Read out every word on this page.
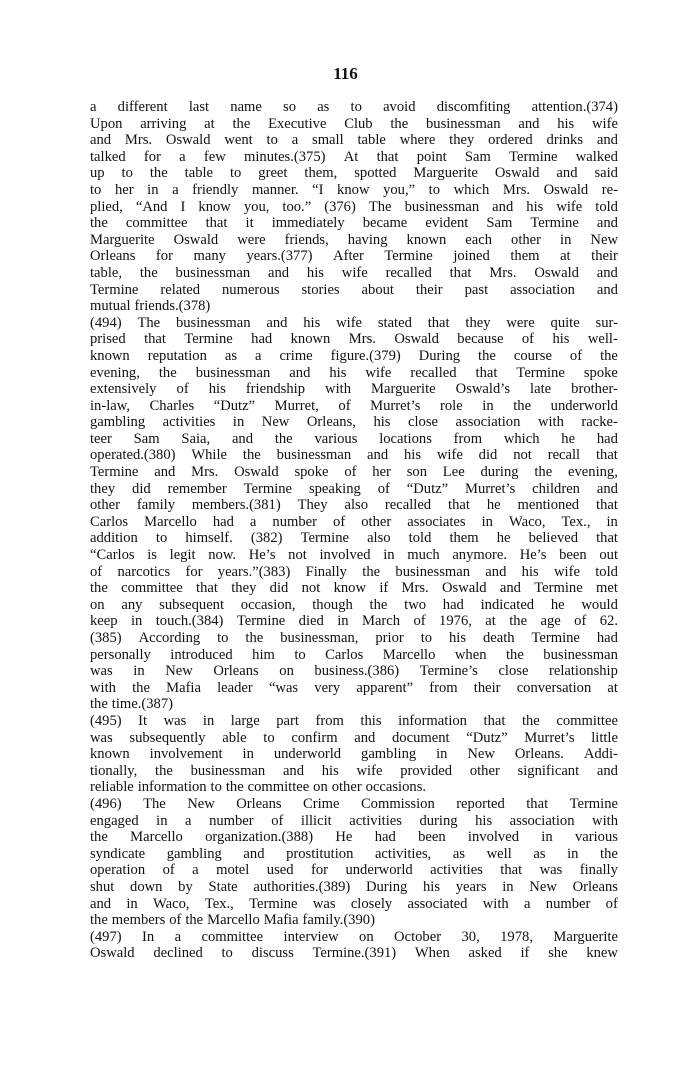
116
a different last name so as to avoid discomfiting attention.(374)
Upon arriving at the Executive Club the businessman and his wife
and Mrs. Oswald went to a small table where they ordered drinks and
talked for a few minutes.(375) At that point Sam Termine walked
up to the table to greet them, spotted Marguerite Oswald and said
to her in a friendly manner. “I know you,” to which Mrs. Oswald re-
plied, “And I know you, too.” (376) The businessman and his wife told
the committee that it immediately became evident Sam Termine and
Marguerite Oswald were friends, having known each other in New
Orleans for many years.(377) After Termine joined them at their
table, the businessman and his wife recalled that Mrs. Oswald and
Termine related numerous stories about their past association and
mutual friends.(378)
(494) The businessman and his wife stated that they were quite sur-
prised that Termine had known Mrs. Oswald because of his well-
known reputation as a crime figure.(379) During the course of the
evening, the businessman and his wife recalled that Termine spoke
extensively of his friendship with Marguerite Oswald’s late brother-
in-law, Charles “Dutz” Murret, of Murret’s role in the underworld
gambling activities in New Orleans, his close association with racke-
teer Sam Saia, and the various locations from which he had
operated.(380) While the businessman and his wife did not recall that
Termine and Mrs. Oswald spoke of her son Lee during the evening,
they did remember Termine speaking of “Dutz” Murret’s children and
other family members.(381) They also recalled that he mentioned that
Carlos Marcello had a number of other associates in Waco, Tex., in
addition to himself. (382) Termine also told them he believed that
“Carlos is legit now. He’s not involved in much anymore. He’s been out
of narcotics for years.”(383) Finally the businessman and his wife told
the committee that they did not know if Mrs. Oswald and Termine met
on any subsequent occasion, though the two had indicated he would
keep in touch.(384) Termine died in March of 1976, at the age of 62.
(385) According to the businessman, prior to his death Termine had
personally introduced him to Carlos Marcello when the businessman
was in New Orleans on business.(386) Termine’s close relationship
with the Mafia leader “was very apparent” from their conversation at
the time.(387)
(495) It was in large part from this information that the committee
was subsequently able to confirm and document “Dutz” Murret’s little
known involvement in underworld gambling in New Orleans. Addi-
tionally, the businessman and his wife provided other significant and
reliable information to the committee on other occasions.
(496) The New Orleans Crime Commission reported that Termine
engaged in a number of illicit activities during his association with
the Marcello organization.(388) He had been involved in various
syndicate gambling and prostitution activities, as well as in the
operation of a motel used for underworld activities that was finally
shut down by State authorities.(389) During his years in New Orleans
and in Waco, Tex., Termine was closely associated with a number of
the members of the Marcello Mafia family.(390)
(497) In a committee interview on October 30, 1978, Marguerite
Oswald declined to discuss Termine.(391) When asked if she knew
